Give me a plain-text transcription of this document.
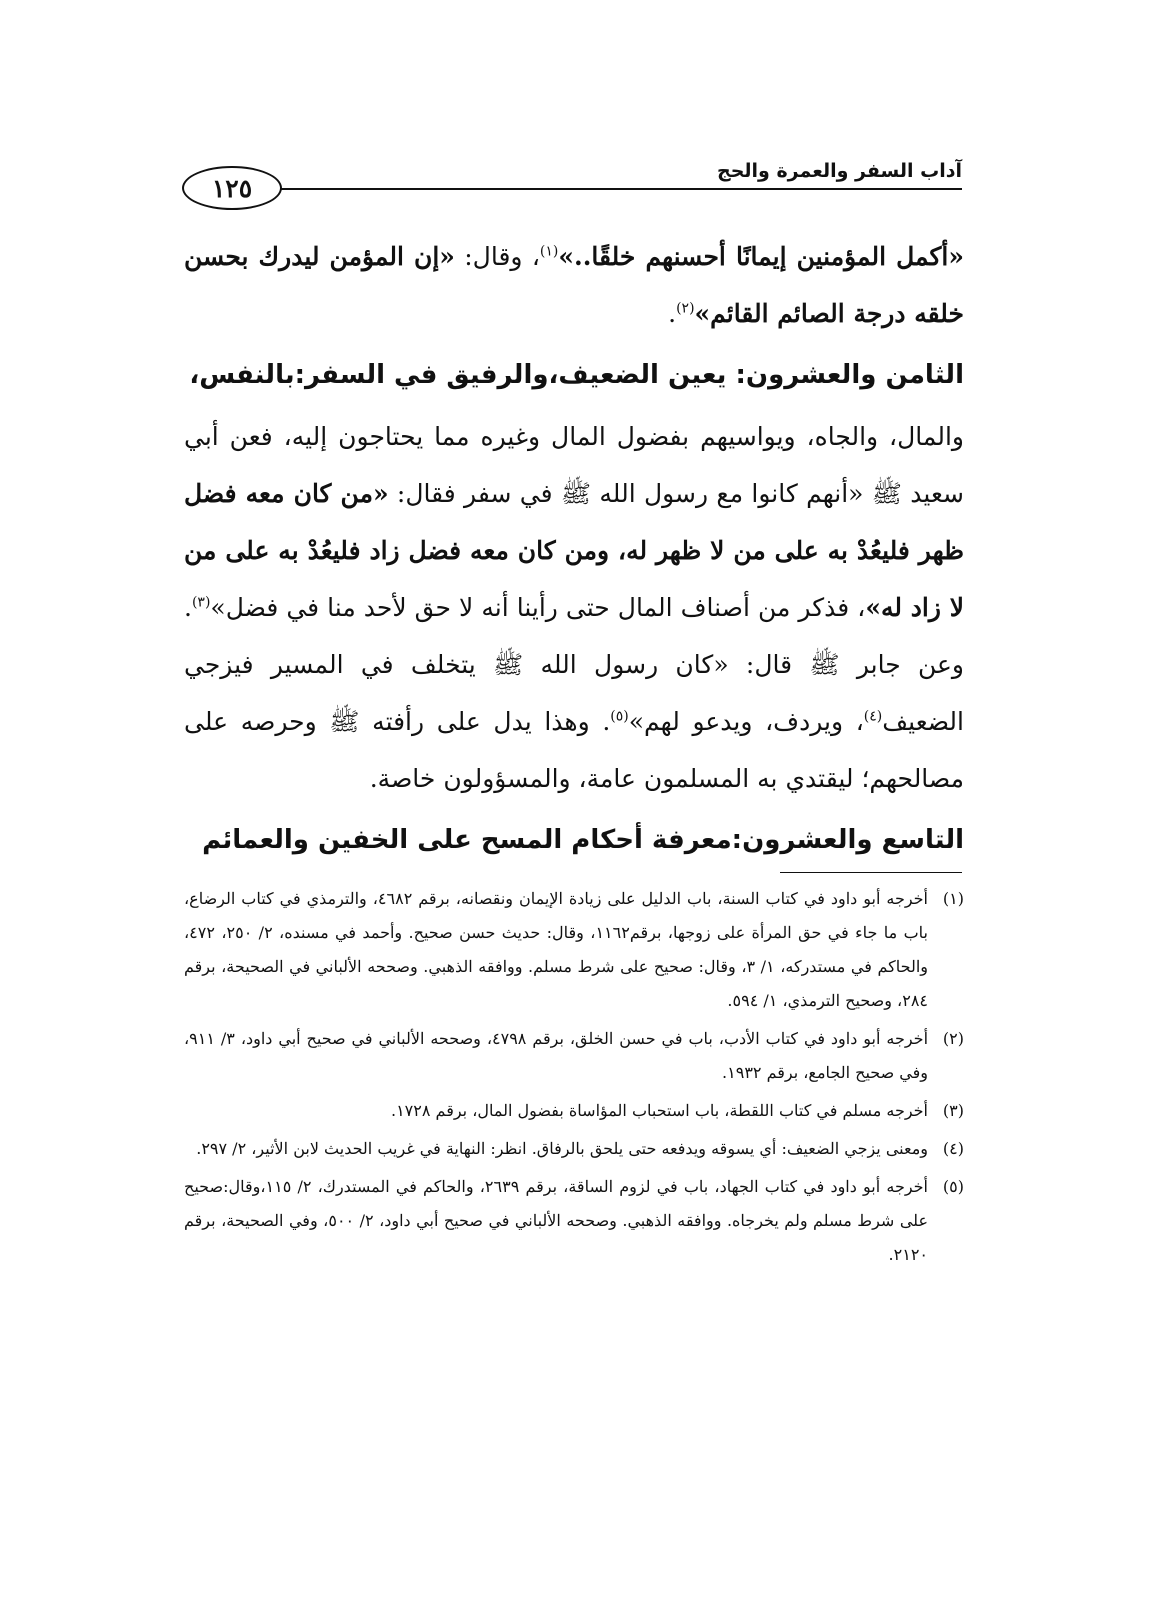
آداب السفر والعمرة والحج
١٢٥

«أكمل المؤمنين إيمانًا أحسنهم خلقًا..»$^{(١)}$، وقال: «إن المؤمن ليدرك بحسن خلقه درجة الصائم القائم»$^{(٢)}$.

الثامن والعشرون: يعين الضعيف،والرفيق في السفر:بالنفس،

والمال، والجاه، ويواسيهم بفضول المال وغيره مما يحتاجون إليه، فعن أبي سعيد ﷺ «أنهم كانوا مع رسول الله ﷺ في سفر فقال: «من كان معه فضل ظهر فليعُدْ به على من لا ظهر له، ومن كان معه فضل زاد فليعُدْ به على من لا زاد له»، فذكر من أصناف المال حتى رأينا أنه لا حق لأحد منا في فضل»$^{(٣)}$. وعن جابر ﷺ قال: «كان رسول الله ﷺ يتخلف في المسير فيزجي الضعيف$^{(٤)}$، ويردف، ويدعو لهم»$^{(٥)}$. وهذا يدل على رأفته ﷺ وحرصه على مصالحهم؛ ليقتدي به المسلمون عامة، والمسؤولون خاصة.

التاسع والعشرون:معرفة أحكام المسح على الخفين والعمائم

(١)
أخرجه أبو داود في كتاب السنة، باب الدليل على زيادة الإيمان ونقصانه، برقم ٤٦٨٢، والترمذي في كتاب الرضاع، باب ما جاء في حق المرأة على زوجها، برقم١١٦٢، وقال: حديث حسن صحيح. وأحمد في مسنده، ٢/ ٢٥٠، ٤٧٢، والحاكم في مستدركه، ١/ ٣، وقال: صحيح على شرط مسلم. ووافقه الذهبي. وصححه الألباني في الصحيحة، برقم ٢٨٤، وصحيح الترمذي، ١/ ٥٩٤.

(٢)
أخرجه أبو داود في كتاب الأدب، باب في حسن الخلق، برقم ٤٧٩٨، وصححه الألباني في صحيح أبي داود، ٣/ ٩١١، وفي صحيح الجامع، برقم ١٩٣٢.

(٣)
أخرجه مسلم في كتاب اللقطة، باب استحباب المؤاساة بفضول المال، برقم ١٧٢٨.

(٤)
ومعنى يزجي الضعيف: أي يسوقه ويدفعه حتى يلحق بالرفاق. انظر: النهاية في غريب الحديث لابن الأثير، ٢/ ٢٩٧.

(٥)
أخرجه أبو داود في كتاب الجهاد، باب في لزوم الساقة، برقم ٢٦٣٩، والحاكم في المستدرك، ٢/ ١١٥،وقال:صحيح على شرط مسلم ولم يخرجاه. ووافقه الذهبي. وصححه الألباني في صحيح أبي داود، ٢/ ٥٠٠، وفي الصحيحة، برقم ٢١٢٠.
